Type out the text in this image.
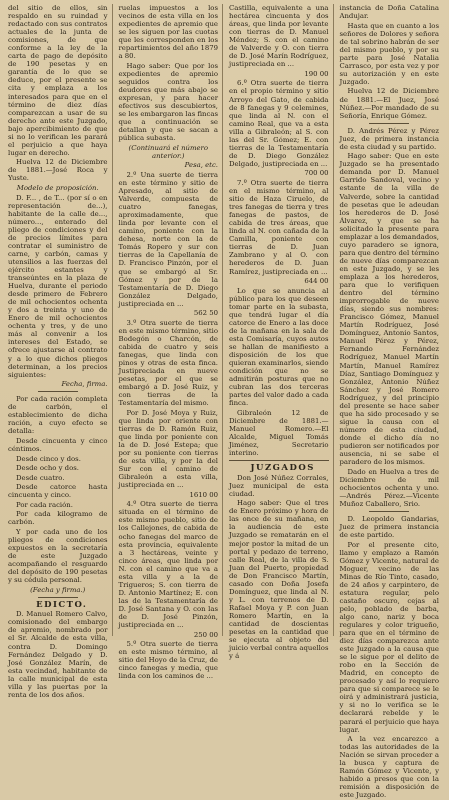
del sitio de ellos, sin respaldo en su ruindad y redactado con sus contratos actuales de la junta de comisiones, de que conforme a la ley de la carta de pago de depósito de 190 pesetas y en garantía de lo que se deduce, por el presente se cita y emplaza a los interesados para que en el término de diez días comparezcan a usar de su derecho ante este Juzgado, bajo apercibimiento de que si no lo verifican les parará el perjuicio a que haya lugar en derecho.

Huelva 12 de Diciembre de 1881.—José Roca y Yuste.

Modelo de proposición.

D. F... , de T... (por sí o en representación de...), habitante de la calle de..., número..., enterado del pliego de condiciones y del de precios límites para contratar el suministro de carne, y carbón, camas y utensilios a las fuerzas del ejército estantes y transeúntes en la plaza de Huelva, durante el periodo desde primero de Febrero de mil ochocientos ochenta y dos a treinta y uno de Enero de mil ochocientos ochenta y tres, y de uno más al convenir a los intereses del Estado, se ofrece ajustarse al contrato y a lo que dichos pliegos determinan, a los precios siguientes:

Fecha, firma.

Por cada ración completa de carbón, el establecimiento de dicha ración, a cuyo efecto se detalla:

Desde cincuenta y cinco céntimos.

Desde cinco y dos.

Desde ocho y dos.

Desde cuatro.

Desde catorce hasta cincuenta y cinco.

Por cada ración.

Por cada kilogramo de carbón.

Y por cada uno de los pliegos de condiciones expuestos en la secretaría de este Juzgado acompañando el resguardo del depósito de 190 pesetas y su cédula personal.

(Fecha y firma.)

EDICTO.

D. Manuel Romero Calvo, comisionado del embargo de apremio, nombrado por el Sr. Alcalde de esta villa, contra D. Domingo Fernández Delgado y D. José González Marín, de esta vecindad, habitante de la calle municipal de esta villa y las puertas por la renta de los dos años.

ruelas impuestos a los vecinos de esta villa en los expedientes de apremio que se les siguen por las cuotas que les corresponden en los repartimientos del año 1879 a 80.

Hago saber: Que por los expedientes de apremio seguidos contra los deudores que más abajo se expresan, y para hacer efectivos sus descubiertos, se les embargaron las fincas que a continuación se detallan y que se sacan a pública subasta.

(Continuará el número anterior.)

Pesa, etc.

2.º Una suerte de tierra en este término y sitio de Apresado, al sitio de Valverde, compuesta de cuatro fanegas, aproximadamente, que linda por levante con el camino, poniente con la dehesa, norte con la de Tomás Ropero y sur con tierras de la Capellanía de D. Francisco Pinzón, por el que se embargó al Sr. Gómez y por de la Testamentaría de D. Diego González Delgado, justipreciada en ...

562 50

3.º Otra suerte de tierra en este mismo término, sitio Bodegón o Charcón, de cabida de cuatro y seis fanegas, que linda con pinos y otras de esta finca. Justipreciada en nueve pesetas, por el que se embargó a D. José Ruiz, y con tierras de la Testamentaría del mismo.

Por D. José Moya y Ruiz, que linda por oriente con tierras de D. Ramón Ruiz, que linda por poniente con la de D. José Estepa; que por su poniente con tierras de esta villa, y por la del Sur con el camino de Gibraleón a esta villa, justipreciada en ...

1610 00

4.º Otra suerte de tierra situada en el término de este mismo pueblo, sitio de los Callejones, de cabida de ocho fanegas del marco de esta provincia, equivalente a 3 hectáreas, veinte y cinco áreas, que linda por N. con el camino que va a esta villa y a la de Trigueros; S. con tierra de D. Antonio Martínez; E. con las de la Testamentaría de D. José Santana y O. con las de D. José Pinzón, justipreciada en ...

250 00

5.º Otra suerte de tierra en este mismo término, al sitio del Hoyo de la Cruz, de cinco fanegas y media, que linda con los caminos de ...

Castilla, equivalente a una hectárea cincuenta y dos áreas, que linda por levante con tierras de D. Manuel Méndez; S. con el camino de Valverde y O. con tierra de D. José Marín Rodríguez, justipreciada en ...

190 00

6.º Otra suerte de tierra en el propio término y sitio Arroyo del Gato, de cabida de 8 fanegas y 9 celemines, que linda al N. con el camino Real, que va a esta villa a Gibraleón; al S. con las del Sr. Gómez; E. con tierras de la Testamentaría de D. Diego González Delgado, justipreciada en ...

700 00

7.º Otra suerte de tierra en el mismo término, al sitio de Haza Ciruelo, de tres fanegas de tierra y tres fanegas de pastos, de cabida de tres áreas, que linda al N. con cañada de la Camilla, poniente con tierras de D. Juan Zambrano y al O. con herederos de D. Juan Ramírez, justipreciada en ...

644 00

Lo que se anuncia al público para los que deseen tomar parte en la subasta, que tendrá lugar el día catorce de Enero a las doce de la mañana en la sala de esta Comisaría, cuyos autos se hallan de manifiesto a disposición de los que quieran examinarlos, siendo condición que no se admitirán posturas que no cubran las dos terceras partes del valor dado a cada finca.

Gibraleón 12 de Diciembre de 1881.—Manuel Romero.—El Alcalde, Miguel Tomás Jiménez, Secretario interino.

JUZGADOS

Don José Núñez Corrales, Juez municipal de esta ciudad.

Hago saber: Que el tres de Enero próximo y hora de las once de su mañana, en la audiencia de este Juzgado se rematarán en el mejor postor la mitad de un portal y pedazo de terreno, calle Real, de la villa de S. Juan del Puerto, propiedad de Don Francisco Martín, casado con Doña Josefa Domínguez, que linda al N. y L. con terrenos de D. Rafael Moya y P. con Juan Romero Martín, en la cantidad de doscientas pesetas en la cantidad que se ejecuta al objeto del juicio verbal contra aquellos y á

instancia de Doña Catalina Andujar.

Hasta que en cuanto a los señores de Dolores y señora de tal sobrino habrán de ser del mismo pueblo, y por su parte para José Natalia Carrasco, por esta vez y por su autorización y en este Juzgado.

Huelva 12 de Diciembre de 1881.—El Juez, José Núñez.—Por mandado de su Señoría, Enrique Gómez.

D. Andrés Pérez y Pérez Juez, de primera instancia de esta ciudad y su partido.

Hago saber: Que en este Juzgado se ha presentado demanda por D. Manuel Garrido Sandoval, vecino y estante de la villa de Valverde, sobre la cantidad de pesetas que le adeudan los herederos de D. José Álvarez, y que se ha solicitado la presente para emplazar a los demandados, cuyo paradero se ignora, para que dentro del término de nueve días comparezcan en este Juzgado, y se les emplaza a los herederos, para que lo verifiquen dentro del término improrrogable de nueve días, siendo sus nombres: Francisco Gómez, Manuel Martín Rodríguez, José Domínguez, Antonio Santos, Manuel Pérez y Pérez, Fernando Fernández Rodríguez, Manuel Martín Martín, Manuel Ramírez Díaz, Santiago Domínguez y González, Antonio Núñez Sánchez y José Romero Rodríguez, y del principio del presente se hace saber que ha sido procesado y se sigue la causa con el número de esta ciudad, donde el dicho día no pudieron ser notificados por ausencia, ni se sabe el paradero de los mismos.

Dado en Huelva a tres de Diciembre de mil ochocientos ochenta y uno.—Andrés Pérez.—Vicente Muñoz Caballero, Srio.

D. Leopoldo Gandarias, Juez de primera instancia de este partido.

Por el presente cito, llamo y emplazo a Ramón Gómez y Vicente, natural de Moguer, vecino de las Minas de Río Tinto, casado, de 24 años y carpintero, de estatura regular, pelo castaño oscuro, cejas al pelo, poblado de barba, algo cano, nariz y boca regulares y color trigueño, para que en el término de diez días comparezca ante este Juzgado a la causa que se le sigue por el delito de robo en la Sección de Madrid, en concepto de procesado y así lo requiero para que si comparece se le oirá y administrará justicia, y si no lo verifica se le declarará rebelde y le parará el perjuicio que haya lugar.

A la vez encarezco a todas las autoridades de la Nación se sirvan proceder a la busca y captura de Ramón Gómez y Vicente, y habido a presos que con la remisión a disposición de este Juzgado.
